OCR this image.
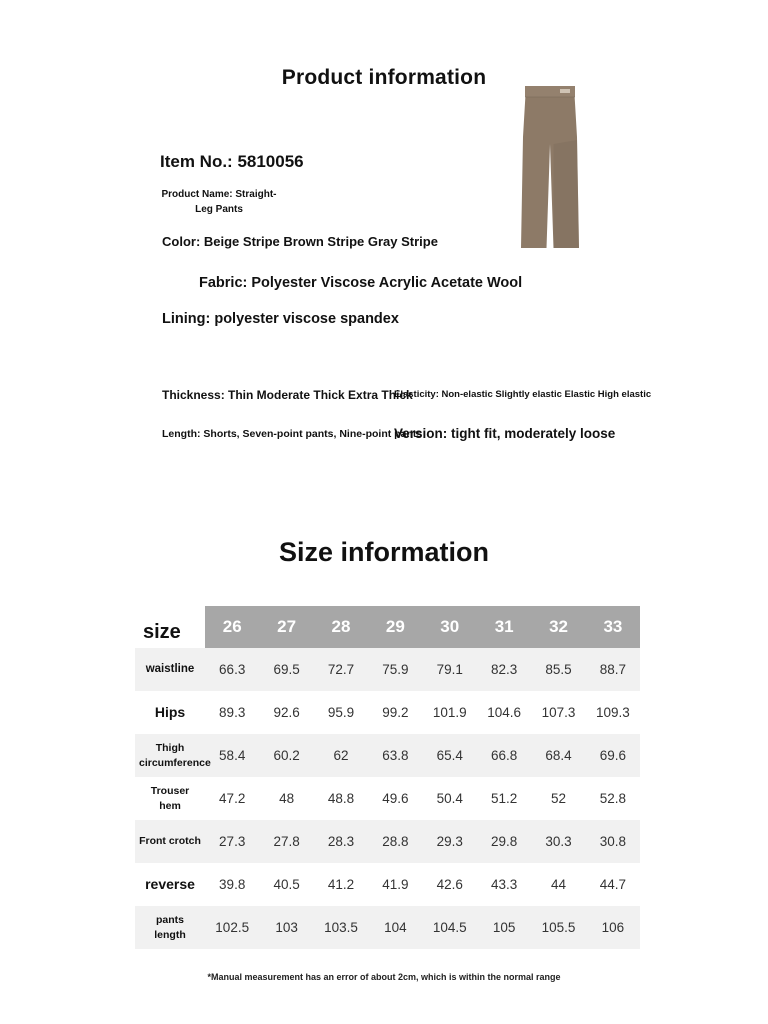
Product information
Item No.: 5810056
Product Name: Straight-Leg Pants
Color: Beige Stripe Brown Stripe Gray Stripe
Fabric: Polyester Viscose Acrylic Acetate Wool
Lining: polyester viscose spandex
Thickness: Thin Moderate Thick Extra Thick
Elasticity: Non-elastic Slightly elastic Elastic High elastic
Length: Shorts, Seven-point pants, Nine-point pants
Version: tight fit, moderately loose
Size information
size	26	27	28	29	30	31	32	33
waistline	66.3	69.5	72.7	75.9	79.1	82.3	85.5	88.7
Hips	89.3	92.6	95.9	99.2	101.9	104.6	107.3	109.3
Thigh circumference	58.4	60.2	62	63.8	65.4	66.8	68.4	69.6
Trouser hem	47.2	48	48.8	49.6	50.4	51.2	52	52.8
Front crotch	27.3	27.8	28.3	28.8	29.3	29.8	30.3	30.8
reverse	39.8	40.5	41.2	41.9	42.6	43.3	44	44.7
pants length	102.5	103	103.5	104	104.5	105	105.5	106
*Manual measurement has an error of about 2cm, which is within the normal range
